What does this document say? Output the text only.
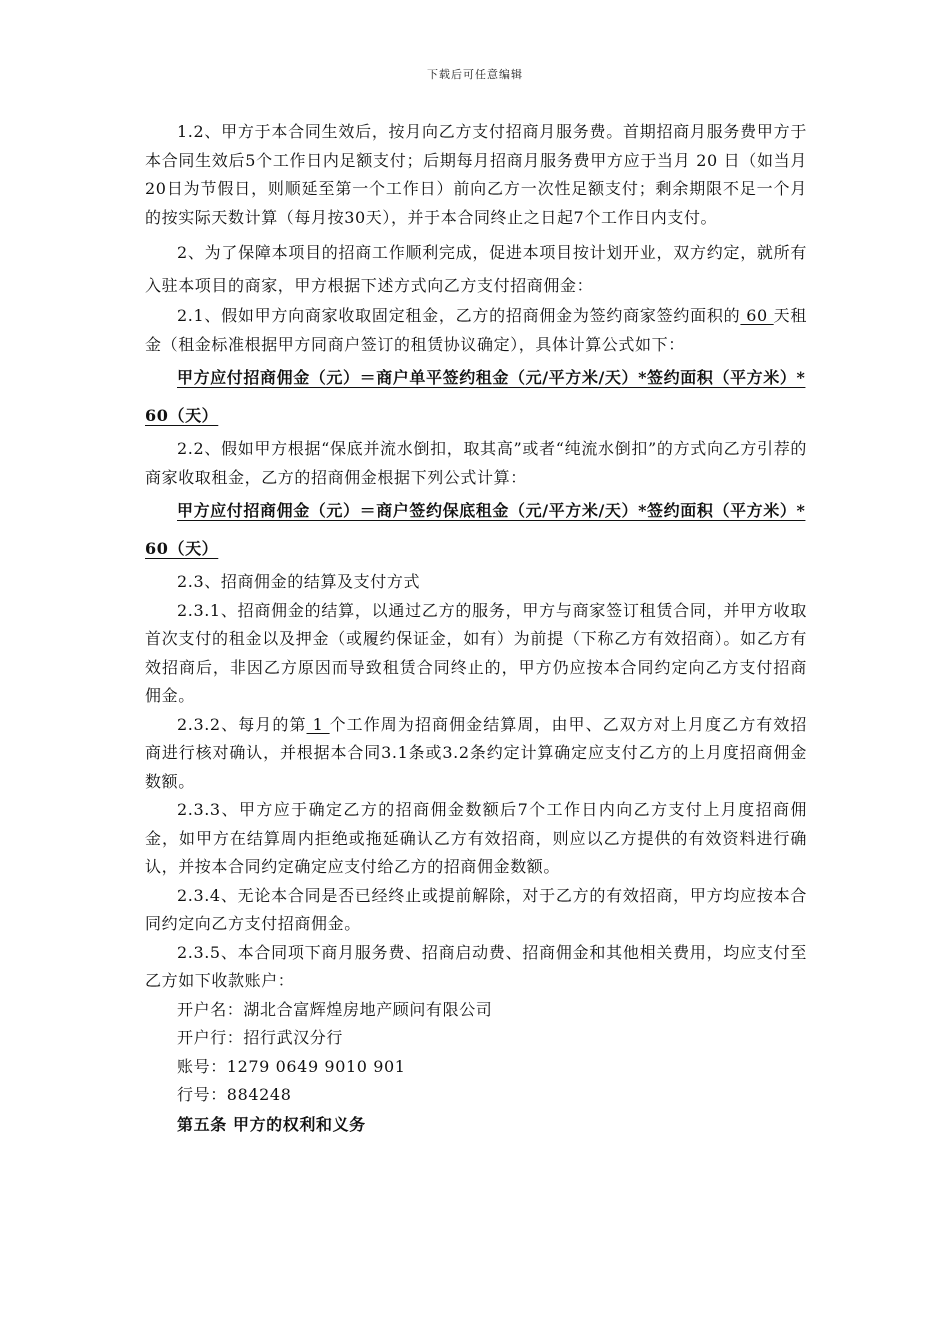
下载后可任意编辑

1.2、甲方于本合同生效后，按月向乙方支付招商月服务费。首期招商月服务费甲方于本合同生效后5个工作日内足额支付；后期每月招商月服务费甲方应于当月 20 日（如当月20日为节假日，则顺延至第一个工作日）前向乙方一次性足额支付；剩余期限不足一个月的按实际天数计算（每月按30天），并于本合同终止之日起7个工作日内支付。

2、为了保障本项目的招商工作顺利完成，促进本项目按计划开业，双方约定，就所有入驻本项目的商家，甲方根据下述方式向乙方支付招商佣金：

2.1、假如甲方向商家收取固定租金，乙方的招商佣金为签约商家签约面积的 60 天租金（租金标准根据甲方同商户签订的租赁协议确定），具体计算公式如下：

甲方应付招商佣金（元）＝商户单平签约租金（元/平方米/天）*签约面积（平方米）* 60（天）

2.2、假如甲方根据“保底并流水倒扣，取其高”或者“纯流水倒扣”的方式向乙方引荐的商家收取租金，乙方的招商佣金根据下列公式计算：

甲方应付招商佣金（元）＝商户签约保底租金（元/平方米/天）*签约面积（平方米）* 60（天）

2.3、招商佣金的结算及支付方式

2.3.1、招商佣金的结算，以通过乙方的服务，甲方与商家签订租赁合同，并甲方收取首次支付的租金以及押金（或履约保证金，如有）为前提（下称乙方有效招商）。如乙方有效招商后，非因乙方原因而导致租赁合同终止的，甲方仍应按本合同约定向乙方支付招商佣金。

2.3.2、每月的第 1 个工作周为招商佣金结算周，由甲、乙双方对上月度乙方有效招商进行核对确认，并根据本合同3.1条或3.2条约定计算确定应支付乙方的上月度招商佣金数额。

2.3.3、甲方应于确定乙方的招商佣金数额后7个工作日内向乙方支付上月度招商佣金，如甲方在结算周内拒绝或拖延确认乙方有效招商，则应以乙方提供的有效资料进行确认，并按本合同约定确定应支付给乙方的招商佣金数额。

2.3.4、无论本合同是否已经终止或提前解除，对于乙方的有效招商，甲方均应按本合同约定向乙方支付招商佣金。

2.3.5、本合同项下商月服务费、招商启动费、招商佣金和其他相关费用，均应支付至乙方如下收款账户：

开户名：湖北合富辉煌房地产顾问有限公司

开户行：招行武汉分行

账号：1279 0649 9010 901

行号：884248

第五条 甲方的权利和义务
